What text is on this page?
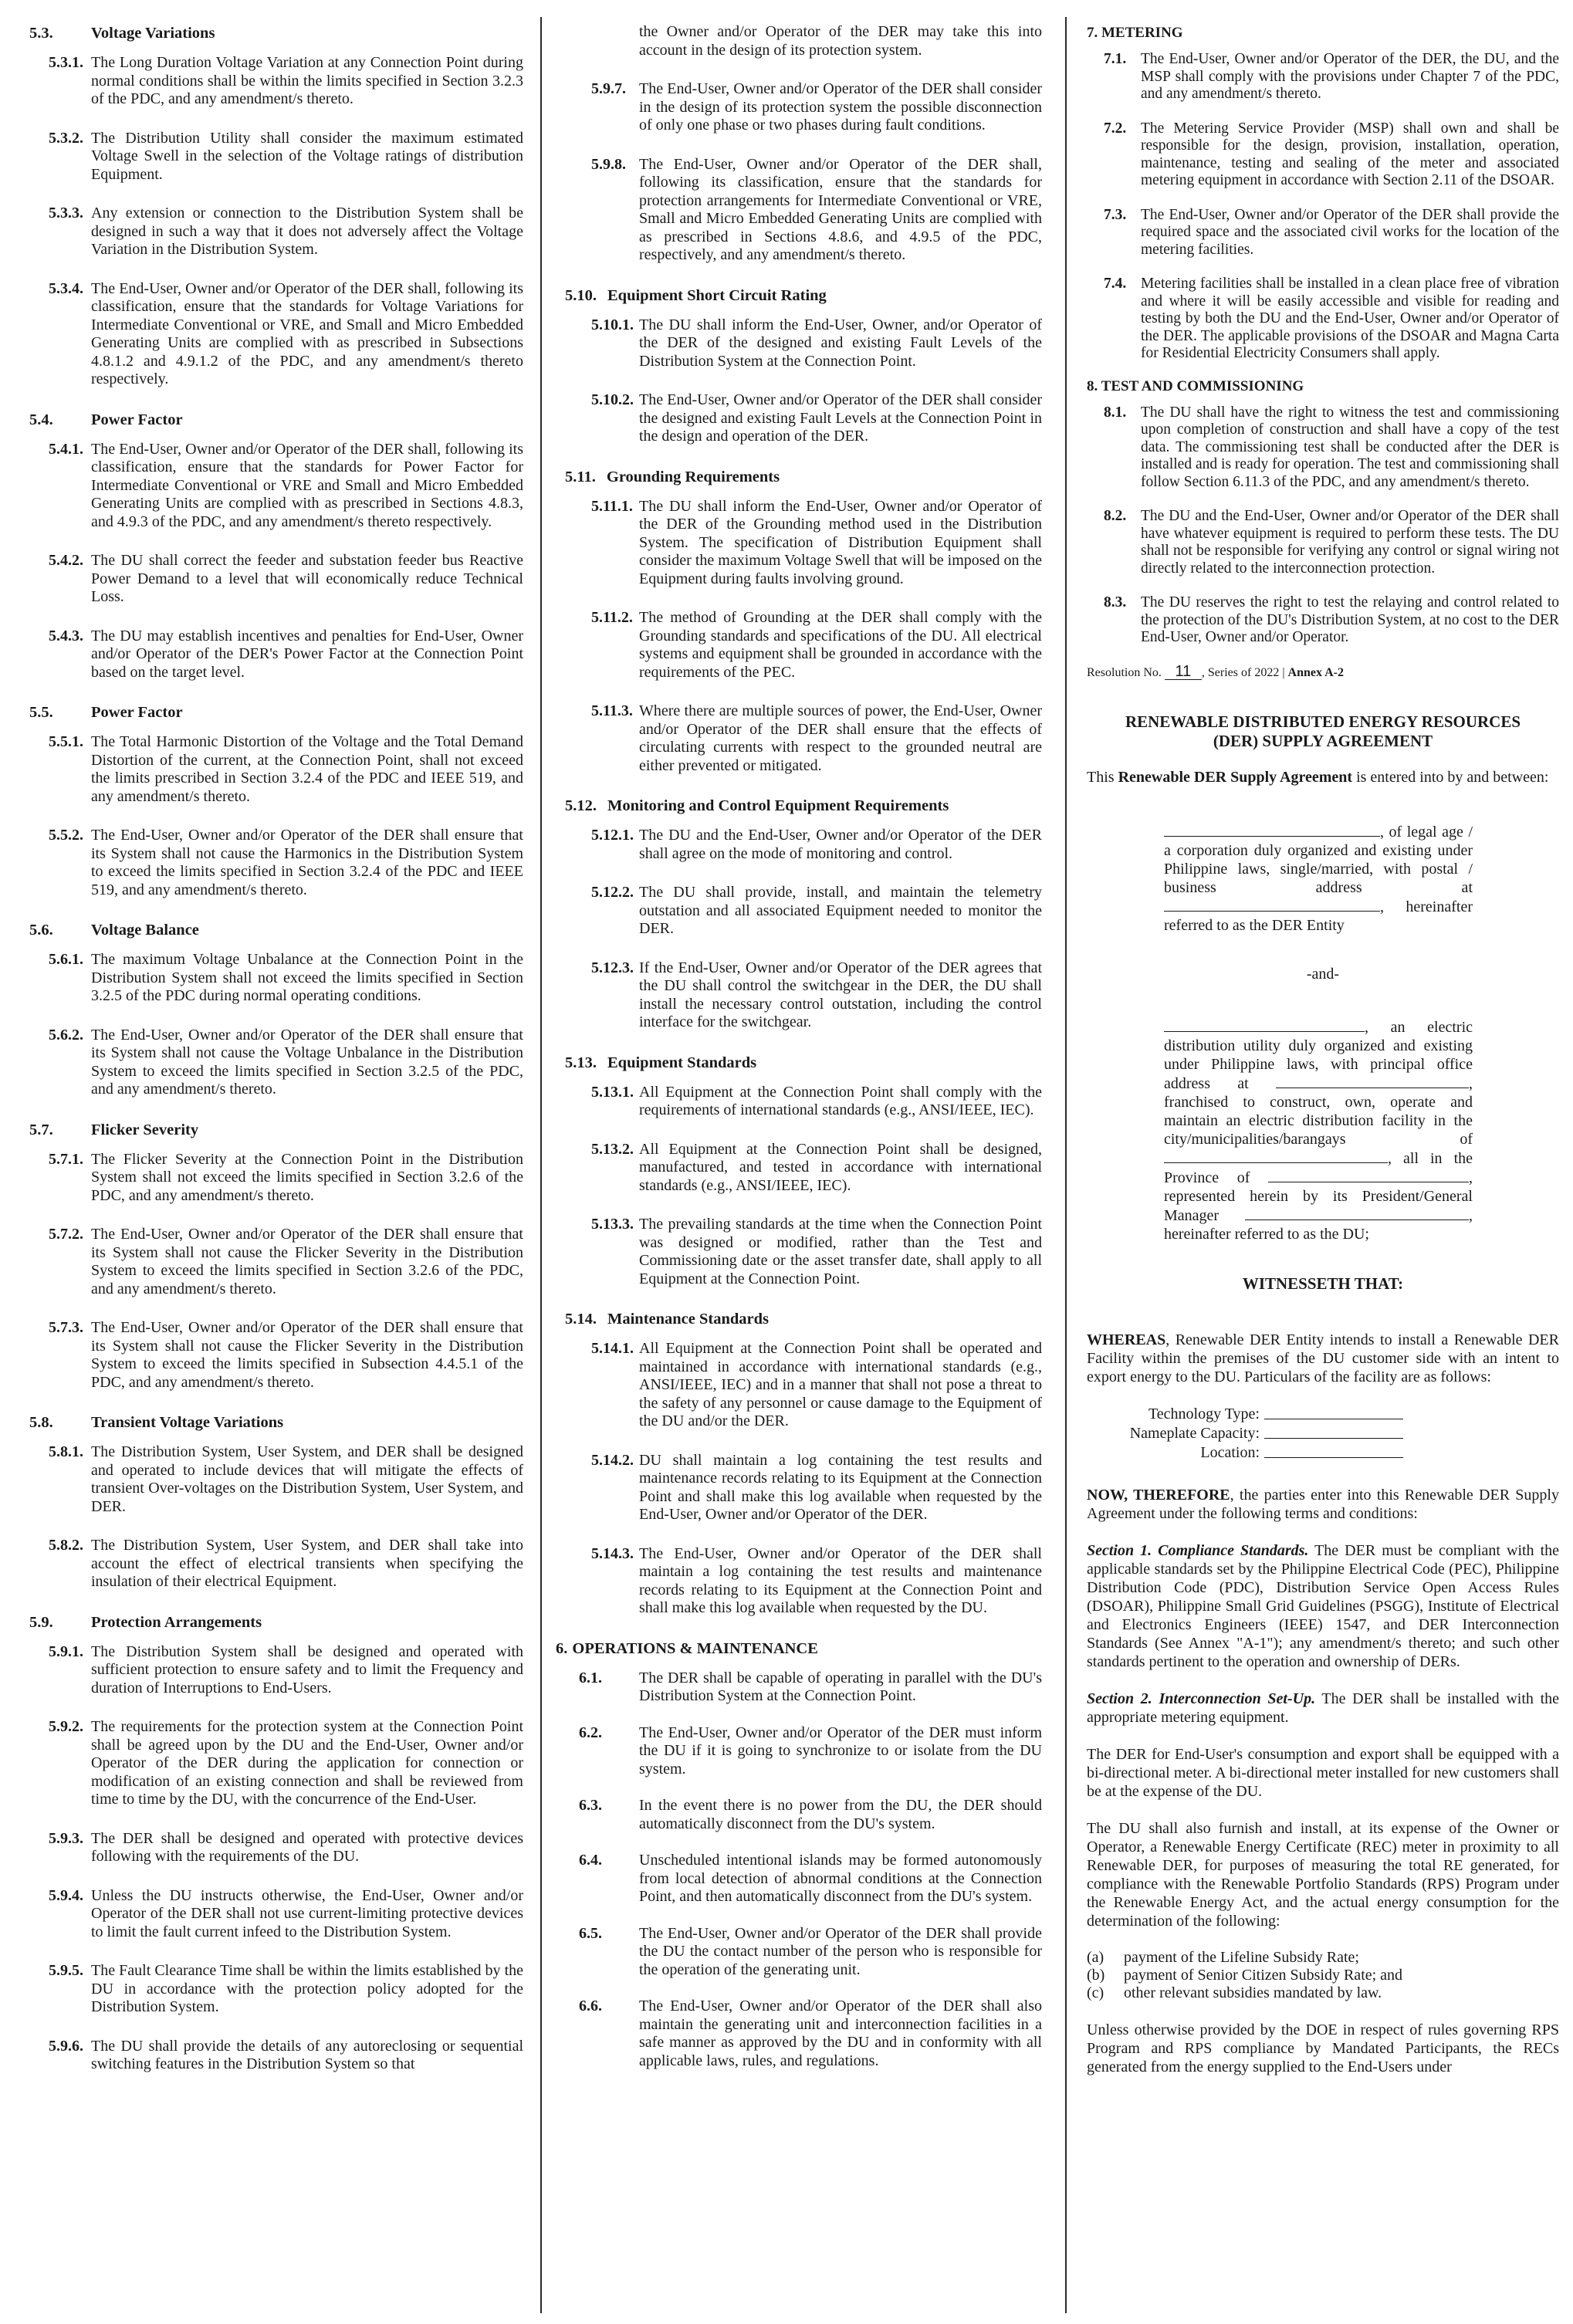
5.3. Voltage Variations
5.3.1. The Long Duration Voltage Variation at any Connection Point during normal conditions shall be within the limits specified in Section 3.2.3 of the PDC, and any amendment/s thereto.
5.3.2. The Distribution Utility shall consider the maximum estimated Voltage Swell in the selection of the Voltage ratings of distribution Equipment.
5.3.3. Any extension or connection to the Distribution System shall be designed in such a way that it does not adversely affect the Voltage Variation in the Distribution System.
5.3.4. The End-User, Owner and/or Operator of the DER shall, following its classification, ensure that the standards for Voltage Variations for Intermediate Conventional or VRE, and Small and Micro Embedded Generating Units are complied with as prescribed in Subsections 4.8.1.2 and 4.9.1.2 of the PDC, and any amendment/s thereto respectively.
5.4. Power Factor
5.4.1. The End-User, Owner and/or Operator of the DER shall, following its classification, ensure that the standards for Power Factor for Intermediate Conventional or VRE and Small and Micro Embedded Generating Units are complied with as prescribed in Sections 4.8.3, and 4.9.3 of the PDC, and any amendment/s thereto respectively.
5.4.2. The DU shall correct the feeder and substation feeder bus Reactive Power Demand to a level that will economically reduce Technical Loss.
5.4.3. The DU may establish incentives and penalties for End-User, Owner and/or Operator of the DER's Power Factor at the Connection Point based on the target level.
5.5. Power Factor
5.5.1. The Total Harmonic Distortion of the Voltage and the Total Demand Distortion of the current, at the Connection Point, shall not exceed the limits prescribed in Section 3.2.4 of the PDC and IEEE 519, and any amendment/s thereto.
5.5.2. The End-User, Owner and/or Operator of the DER shall ensure that its System shall not cause the Harmonics in the Distribution System to exceed the limits specified in Section 3.2.4 of the PDC and IEEE 519, and any amendment/s thereto.
5.6. Voltage Balance
5.6.1. The maximum Voltage Unbalance at the Connection Point in the Distribution System shall not exceed the limits specified in Section 3.2.5 of the PDC during normal operating conditions.
5.6.2. The End-User, Owner and/or Operator of the DER shall ensure that its System shall not cause the Voltage Unbalance in the Distribution System to exceed the limits specified in Section 3.2.5 of the PDC, and any amendment/s thereto.
5.7. Flicker Severity
5.7.1. The Flicker Severity at the Connection Point in the Distribution System shall not exceed the limits specified in Section 3.2.6 of the PDC, and any amendment/s thereto.
5.7.2. The End-User, Owner and/or Operator of the DER shall ensure that its System shall not cause the Flicker Severity in the Distribution System to exceed the limits specified in Section 3.2.6 of the PDC, and any amendment/s thereto.
5.7.3. The End-User, Owner and/or Operator of the DER shall ensure that its System shall not cause the Flicker Severity in the Distribution System to exceed the limits specified in Subsection 4.4.5.1 of the PDC, and any amendment/s thereto.
5.8. Transient Voltage Variations
5.8.1. The Distribution System, User System, and DER shall be designed and operated to include devices that will mitigate the effects of transient Over-voltages on the Distribution System, User System, and DER.
5.8.2. The Distribution System, User System, and DER shall take into account the effect of electrical transients when specifying the insulation of their electrical Equipment.
5.9. Protection Arrangements
5.9.1. The Distribution System shall be designed and operated with sufficient protection to ensure safety and to limit the Frequency and duration of Interruptions to End-Users.
5.9.2. The requirements for the protection system at the Connection Point shall be agreed upon by the DU and the End-User, Owner and/or Operator of the DER during the application for connection or modification of an existing connection and shall be reviewed from time to time by the DU, with the concurrence of the End-User.
5.9.3. The DER shall be designed and operated with protective devices following with the requirements of the DU.
5.9.4. Unless the DU instructs otherwise, the End-User, Owner and/or Operator of the DER shall not use current-limiting protective devices to limit the fault current infeed to the Distribution System.
5.9.5. The Fault Clearance Time shall be within the limits established by the DU in accordance with the protection policy adopted for the Distribution System.
5.9.6. The DU shall provide the details of any autoreclosing or sequential switching features in the Distribution System so that
the Owner and/or Operator of the DER may take this into account in the design of its protection system.
5.9.7. The End-User, Owner and/or Operator of the DER shall consider in the design of its protection system the possible disconnection of only one phase or two phases during fault conditions.
5.9.8. The End-User, Owner and/or Operator of the DER shall, following its classification, ensure that the standards for protection arrangements for Intermediate Conventional or VRE, Small and Micro Embedded Generating Units are complied with as prescribed in Sections 4.8.6, and 4.9.5 of the PDC, respectively, and any amendment/s thereto.
5.10. Equipment Short Circuit Rating
5.10.1. The DU shall inform the End-User, Owner, and/or Operator of the DER of the designed and existing Fault Levels of the Distribution System at the Connection Point.
5.10.2. The End-User, Owner and/or Operator of the DER shall consider the designed and existing Fault Levels at the Connection Point in the design and operation of the DER.
5.11. Grounding Requirements
5.11.1. The DU shall inform the End-User, Owner and/or Operator of the DER of the Grounding method used in the Distribution System. The specification of Distribution Equipment shall consider the maximum Voltage Swell that will be imposed on the Equipment during faults involving ground.
5.11.2. The method of Grounding at the DER shall comply with the Grounding standards and specifications of the DU. All electrical systems and equipment shall be grounded in accordance with the requirements of the PEC.
5.11.3. Where there are multiple sources of power, the End-User, Owner and/or Operator of the DER shall ensure that the effects of circulating currents with respect to the grounded neutral are either prevented or mitigated.
5.12. Monitoring and Control Equipment Requirements
5.12.1. The DU and the End-User, Owner and/or Operator of the DER shall agree on the mode of monitoring and control.
5.12.2. The DU shall provide, install, and maintain the telemetry outstation and all associated Equipment needed to monitor the DER.
5.12.3. If the End-User, Owner and/or Operator of the DER agrees that the DU shall control the switchgear in the DER, the DU shall install the necessary control outstation, including the control interface for the switchgear.
5.13. Equipment Standards
5.13.1. All Equipment at the Connection Point shall comply with the requirements of international standards (e.g., ANSI/IEEE, IEC).
5.13.2. All Equipment at the Connection Point shall be designed, manufactured, and tested in accordance with international standards (e.g., ANSI/IEEE, IEC).
5.13.3. The prevailing standards at the time when the Connection Point was designed or modified, rather than the Test and Commissioning date or the asset transfer date, shall apply to all Equipment at the Connection Point.
5.14. Maintenance Standards
5.14.1. All Equipment at the Connection Point shall be operated and maintained in accordance with international standards (e.g., ANSI/IEEE, IEC) and in a manner that shall not pose a threat to the safety of any personnel or cause damage to the Equipment of the DU and/or the DER.
5.14.2. DU shall maintain a log containing the test results and maintenance records relating to its Equipment at the Connection Point and shall make this log available when requested by the End-User, Owner and/or Operator of the DER.
5.14.3. The End-User, Owner and/or Operator of the DER shall maintain a log containing the test results and maintenance records relating to its Equipment at the Connection Point and shall make this log available when requested by the DU.
6. OPERATIONS & MAINTENANCE
6.1. The DER shall be capable of operating in parallel with the DU's Distribution System at the Connection Point.
6.2. The End-User, Owner and/or Operator of the DER must inform the DU if it is going to synchronize to or isolate from the DU system.
6.3. In the event there is no power from the DU, the DER should automatically disconnect from the DU's system.
6.4. Unscheduled intentional islands may be formed autonomously from local detection of abnormal conditions at the Connection Point, and then automatically disconnect from the DU's system.
6.5. The End-User, Owner and/or Operator of the DER shall provide the DU the contact number of the person who is responsible for the operation of the generating unit.
6.6. The End-User, Owner and/or Operator of the DER shall also maintain the generating unit and interconnection facilities in a safe manner as approved by the DU and in conformity with all applicable laws, rules, and regulations.
7. METERING
7.1. The End-User, Owner and/or Operator of the DER, the DU, and the MSP shall comply with the provisions under Chapter 7 of the PDC, and any amendment/s thereto.
7.2. The Metering Service Provider (MSP) shall own and shall be responsible for the design, provision, installation, operation, maintenance, testing and sealing of the meter and associated metering equipment in accordance with Section 2.11 of the DSOAR.
7.3. The End-User, Owner and/or Operator of the DER shall provide the required space and the associated civil works for the location of the metering facilities.
7.4. Metering facilities shall be installed in a clean place free of vibration and where it will be easily accessible and visible for reading and testing by both the DU and the End-User, Owner and/or Operator of the DER. The applicable provisions of the DSOAR and Magna Carta for Residential Electricity Consumers shall apply.
8. TEST AND COMMISSIONING
8.1. The DU shall have the right to witness the test and commissioning upon completion of construction and shall have a copy of the test data. The commissioning test shall be conducted after the DER is installed and is ready for operation. The test and commissioning shall follow Section 6.11.3 of the PDC, and any amendment/s thereto.
8.2. The DU and the End-User, Owner and/or Operator of the DER shall have whatever equipment is required to perform these tests. The DU shall not be responsible for verifying any control or signal wiring not directly related to the interconnection protection.
8.3. The DU reserves the right to test the relaying and control related to the protection of the DU's Distribution System, at no cost to the DER End-User, Owner and/or Operator.
Resolution No. 11 , Series of 2022 | Annex A-2
RENEWABLE DISTRIBUTED ENERGY RESOURCES
(DER) SUPPLY AGREEMENT

This Renewable DER Supply Agreement is entered into by and between:

, of legal age / a corporation duly organized and existing under Philippine laws, single/married, with postal / business address at , hereinafter referred to as the DER Entity
-and-
, an electric distribution utility duly organized and existing under Philippine laws, with principal office address at	, franchised to construct, own, operate and maintain an electric distribution facility in the city/municipalities/barangays of , all in the Province of	, represented herein by its President/General Manager	, hereinafter referred to as the DU;
WITNESSETH THAT:

WHEREAS, Renewable DER Entity intends to install a Renewable DER Facility within the premises of the DU customer side with an intent to export energy to the DU. Particulars of the facility are as follows:

Technology Type:
Nameplate Capacity:
Location:

NOW, THEREFORE, the parties enter into this Renewable DER Supply Agreement under the following terms and conditions:

Section 1. Compliance Standards. The DER must be compliant with the applicable standards set by the Philippine Electrical Code (PEC), Philippine Distribution Code (PDC), Distribution Service Open Access Rules (DSOAR), Philippine Small Grid Guidelines (PSGG), Institute of Electrical and Electronics Engineers (IEEE) 1547, and DER Interconnection Standards (See Annex "A-1"); any amendment/s thereto; and such other standards pertinent to the operation and ownership of DERs.

Section 2. Interconnection Set-Up. The DER shall be installed with the appropriate metering equipment.

The DER for End-User's consumption and export shall be equipped with a bi-directional meter. A bi-directional meter installed for new customers shall be at the expense of the DU.

The DU shall also furnish and install, at its expense of the Owner or Operator, a Renewable Energy Certificate (REC) meter in proximity to all Renewable DER, for purposes of measuring the total RE generated, for compliance with the Renewable Portfolio Standards (RPS) Program under the Renewable Energy Act, and the actual energy consumption for the determination of the following:

(a)	payment of the Lifeline Subsidy Rate;
(b)	payment of Senior Citizen Subsidy Rate; and
(c)	other relevant subsidies mandated by law.

Unless otherwise provided by the DOE in respect of rules governing RPS Program and RPS compliance by Mandated Participants, the RECs generated from the energy supplied to the End-Users under
